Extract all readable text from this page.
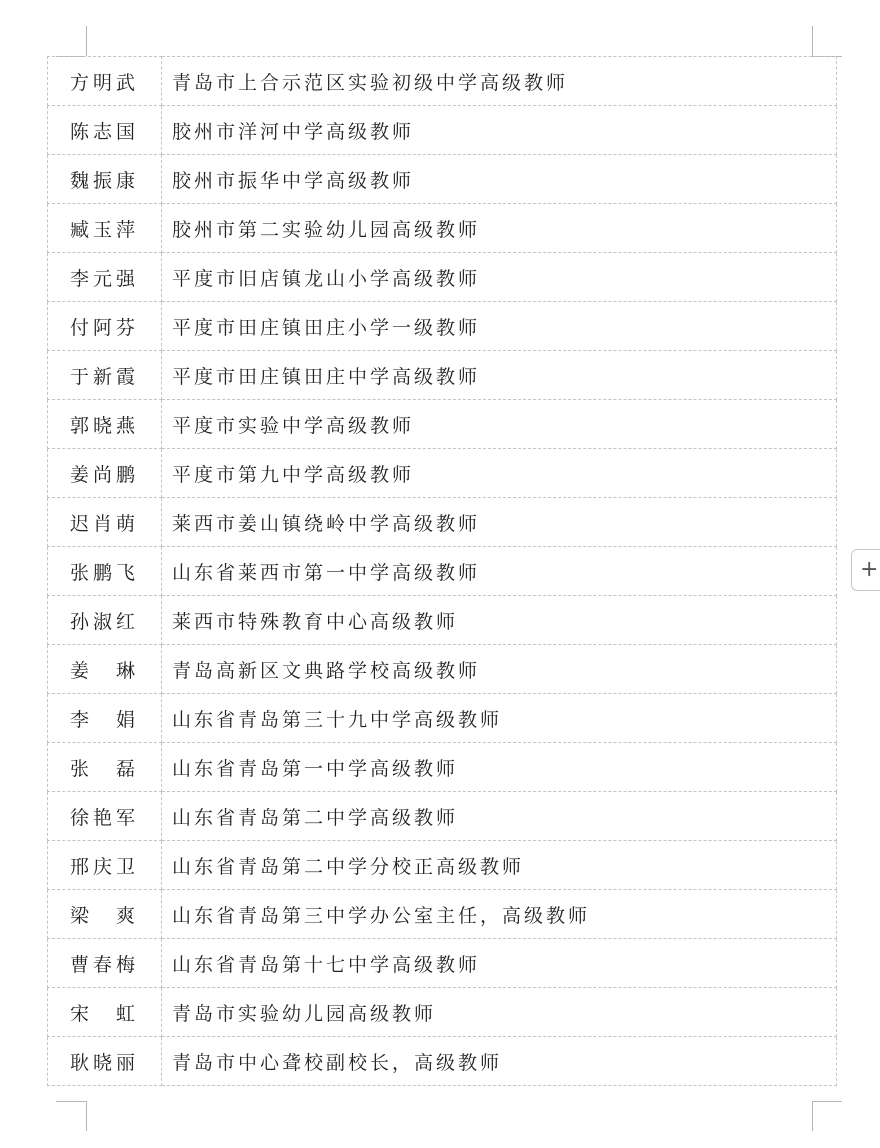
方明武	青岛市上合示范区实验初级中学高级教师
陈志国	胶州市洋河中学高级教师
魏振康	胶州市振华中学高级教师
臧玉萍	胶州市第二实验幼儿园高级教师
李元强	平度市旧店镇龙山小学高级教师
付阿芬	平度市田庄镇田庄小学一级教师
于新霞	平度市田庄镇田庄中学高级教师
郭晓燕	平度市实验中学高级教师
姜尚鹏	平度市第九中学高级教师
迟肖萌	莱西市姜山镇绕岭中学高级教师
张鹏飞	山东省莱西市第一中学高级教师
孙淑红	莱西市特殊教育中心高级教师
姜　琳	青岛高新区文典路学校高级教师
李　娟	山东省青岛第三十九中学高级教师
张　磊	山东省青岛第一中学高级教师
徐艳军	山东省青岛第二中学高级教师
邢庆卫	山东省青岛第二中学分校正高级教师
梁　爽	山东省青岛第三中学办公室主任，高级教师
曹春梅	山东省青岛第十七中学高级教师
宋　虹	青岛市实验幼儿园高级教师
耿晓丽	青岛市中心聋校副校长，高级教师
+
